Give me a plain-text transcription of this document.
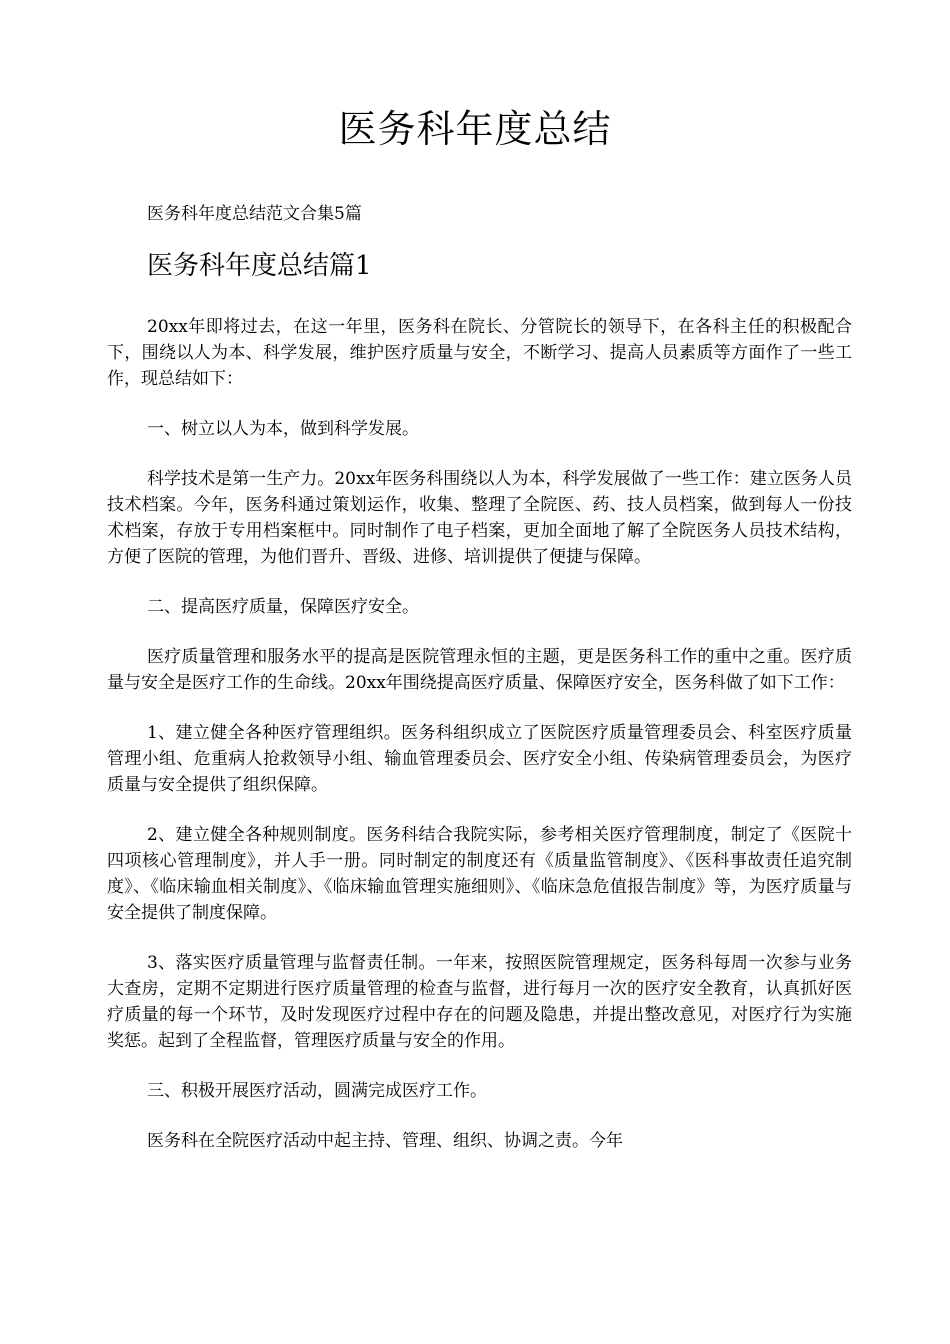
医务科年度总结

医务科年度总结范文合集5篇

医务科年度总结篇1

20xx年即将过去，在这一年里，医务科在院长、分管院长的领导下，在各科主任的积极配合下，围绕以人为本、科学发展，维护医疗质量与安全，不断学习、提高人员素质等方面作了一些工作，现总结如下：

一、树立以人为本，做到科学发展。

科学技术是第一生产力。20xx年医务科围绕以人为本，科学发展做了一些工作：建立医务人员技术档案。今年，医务科通过策划运作，收集、整理了全院医、药、技人员档案，做到每人一份技术档案，存放于专用档案框中。同时制作了电子档案，更加全面地了解了全院医务人员技术结构，方便了医院的管理，为他们晋升、晋级、进修、培训提供了便捷与保障。

二、提高医疗质量，保障医疗安全。

医疗质量管理和服务水平的提高是医院管理永恒的主题，更是医务科工作的重中之重。医疗质量与安全是医疗工作的生命线。20xx年围绕提高医疗质量、保障医疗安全，医务科做了如下工作：

1、建立健全各种医疗管理组织。医务科组织成立了医院医疗质量管理委员会、科室医疗质量管理小组、危重病人抢救领导小组、输血管理委员会、医疗安全小组、传染病管理委员会，为医疗质量与安全提供了组织保障。

2、建立健全各种规则制度。医务科结合我院实际，参考相关医疗管理制度，制定了《医院十四项核心管理制度》，并人手一册。同时制定的制度还有《质量监管制度》、《医科事故责任追究制度》、《临床输血相关制度》、《临床输血管理实施细则》、《临床急危值报告制度》等，为医疗质量与安全提供了制度保障。

3、落实医疗质量管理与监督责任制。一年来，按照医院管理规定，医务科每周一次参与业务大查房，定期不定期进行医疗质量管理的检查与监督，进行每月一次的医疗安全教育，认真抓好医疗质量的每一个环节，及时发现医疗过程中存在的问题及隐患，并提出整改意见，对医疗行为实施奖惩。起到了全程监督，管理医疗质量与安全的作用。

三、积极开展医疗活动，圆满完成医疗工作。

医务科在全院医疗活动中起主持、管理、组织、协调之责。今年
